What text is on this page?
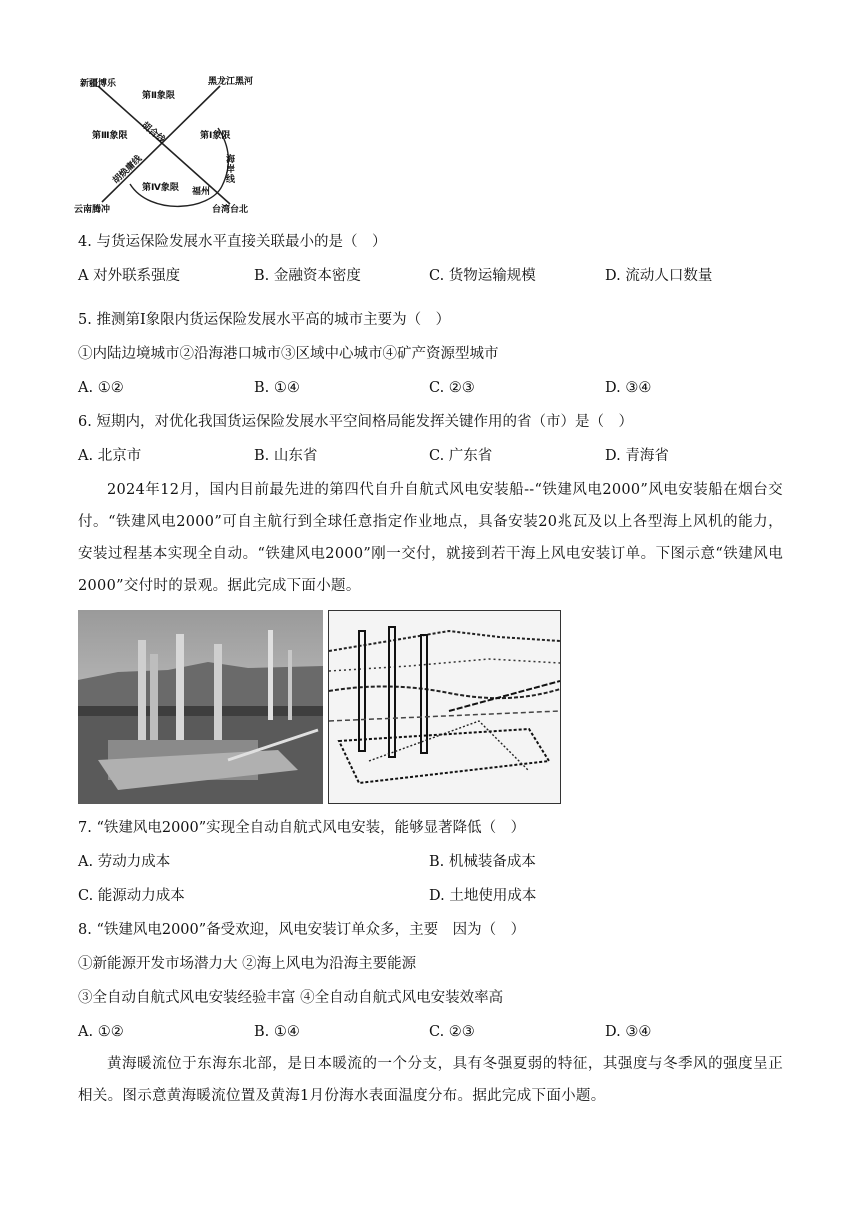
新疆博乐	黑龙江黑河
第Ⅱ象限
第Ⅲ象限	第Ⅰ象限
第Ⅳ象限
胡合线
胡焕庸线	海
岸
线
福州
云南腾冲	台湾台北
4. 与货运保险发展水平直接关联最小的是（　）
A 对外联系强度	B. 金融资本密度	C. 货物运输规模	D. 流动人口数量
5. 推测第Ⅰ象限内货运保险发展水平高的城市主要为（　）
①内陆边境城市②沿海港口城市③区域中心城市④矿产资源型城市
A. ①②	B. ①④	C. ②③	D. ③④
6. 短期内，对优化我国货运保险发展水平空间格局能发挥关键作用的省（市）是（　）
A. 北京市	B. 山东省	C. 广东省	D. 青海省
2024年12月，国内目前最先进的第四代自升自航式风电安装船--“铁建风电2000”风电安装船在烟台交付。“铁建风电2000”可自主航行到全球任意指定作业地点，具备安装20兆瓦及以上各型海上风机的能力，安装过程基本实现全自动。“铁建风电2000”刚一交付，就接到若干海上风电安装订单。下图示意“铁建风电2000”交付时的景观。据此完成下面小题。
7. “铁建风电2000”实现全自动自航式风电安装，能够显著降低（　）
A. 劳动力成本	B. 机械装备成本
C. 能源动力成本	D. 土地使用成本
8. “铁建风电2000”备受欢迎，风电安装订单众多，主要　因为（　）
①新能源开发市场潜力大 ②海上风电为沿海主要能源
③全自动自航式风电安装经验丰富 ④全自动自航式风电安装效率高
A. ①②	B. ①④	C. ②③	D. ③④
黄海暖流位于东海东北部，是日本暖流的一个分支，具有冬强夏弱的特征，其强度与冬季风的强度呈正相关。图示意黄海暖流位置及黄海1月份海水表面温度分布。据此完成下面小题。
